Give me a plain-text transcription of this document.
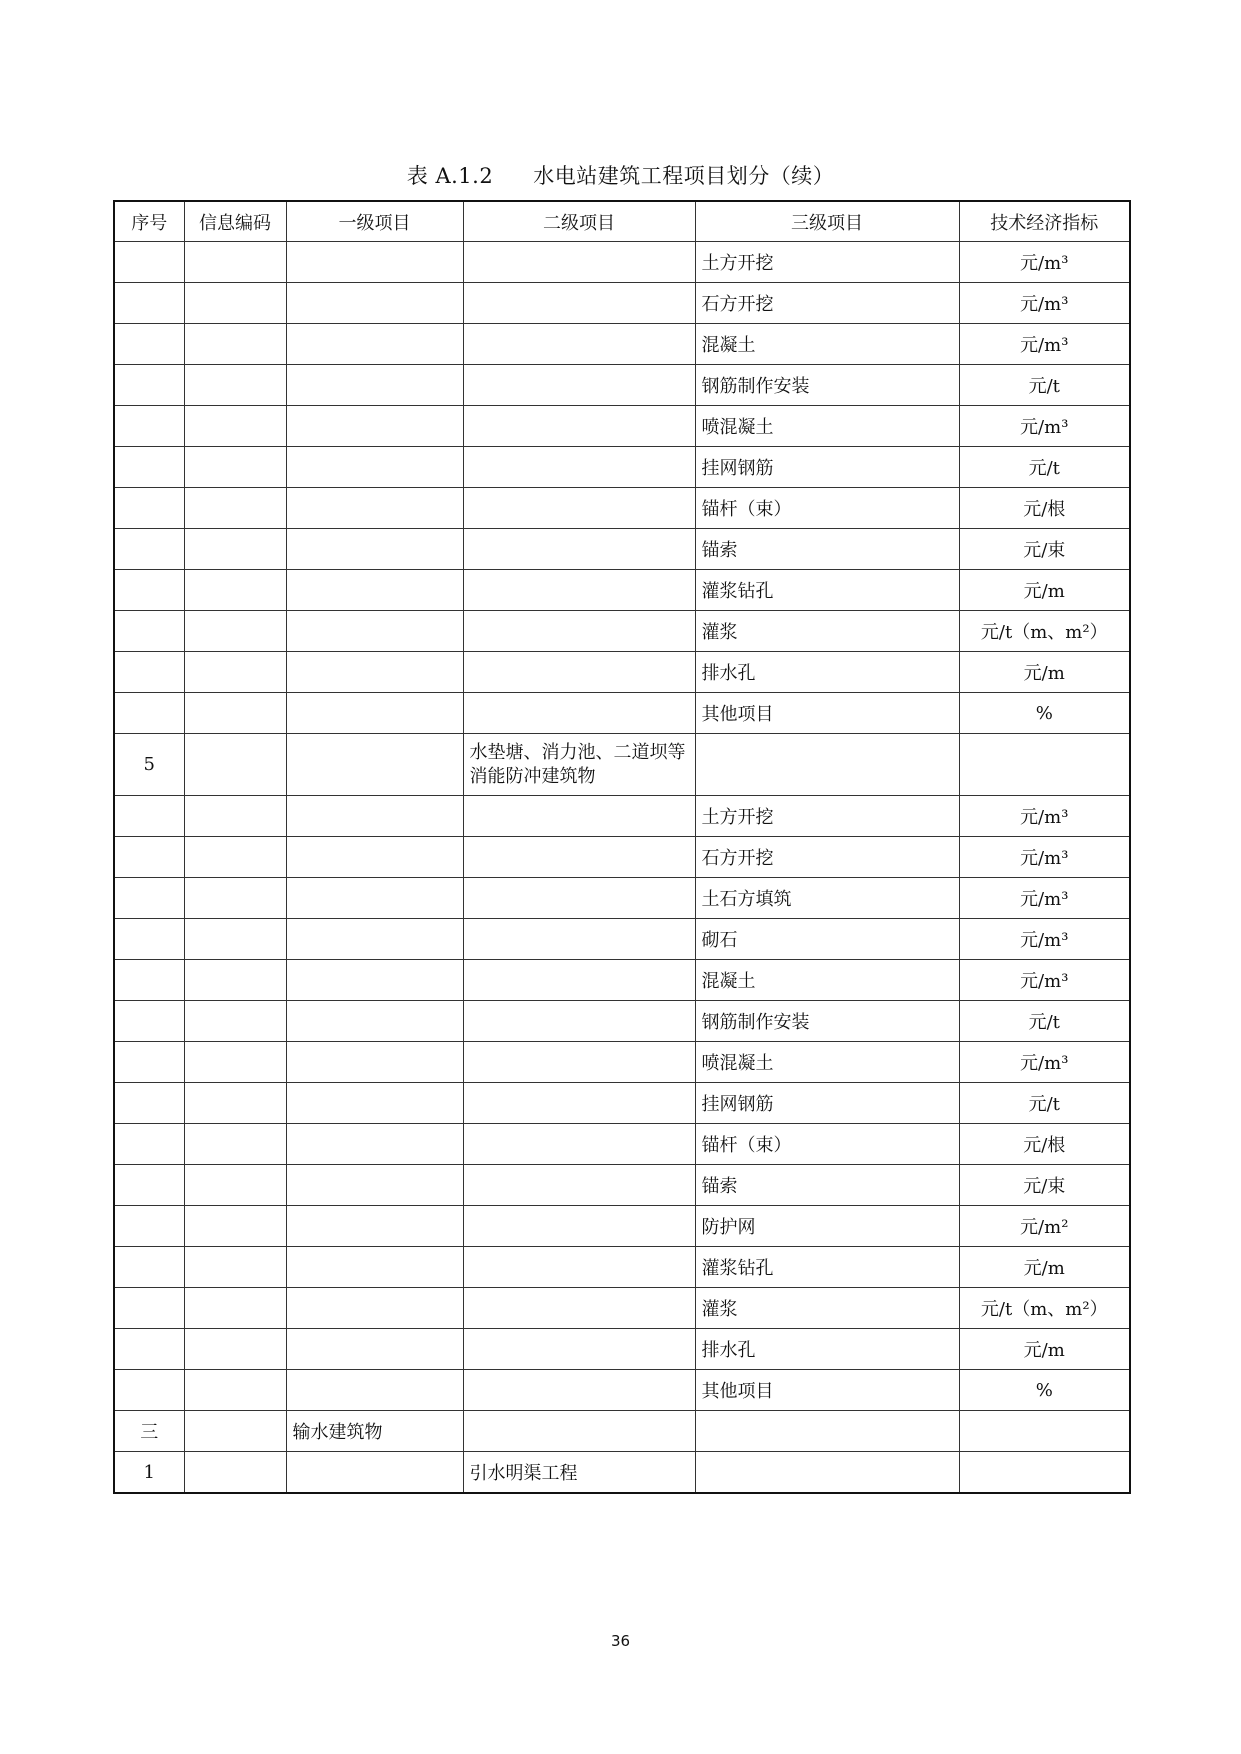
表 A.1.2 水电站建筑工程项目划分（续）
序号	信息编码	一级项目	二级项目	三级项目	技术经济指标
				土方开挖	元/m³
				石方开挖	元/m³
				混凝土	元/m³
				钢筋制作安装	元/t
				喷混凝土	元/m³
				挂网钢筋	元/t
				锚杆（束）	元/根
				锚索	元/束
				灌浆钻孔	元/m
				灌浆	元/t（m、m²）
				排水孔	元/m
				其他项目	%
5			水垫塘、消力池、二道坝等消能防冲建筑物		
				土方开挖	元/m³
				石方开挖	元/m³
				土石方填筑	元/m³
				砌石	元/m³
				混凝土	元/m³
				钢筋制作安装	元/t
				喷混凝土	元/m³
				挂网钢筋	元/t
				锚杆（束）	元/根
				锚索	元/束
				防护网	元/m²
				灌浆钻孔	元/m
				灌浆	元/t（m、m²）
				排水孔	元/m
				其他项目	%
三		输水建筑物			
1			引水明渠工程		
36
